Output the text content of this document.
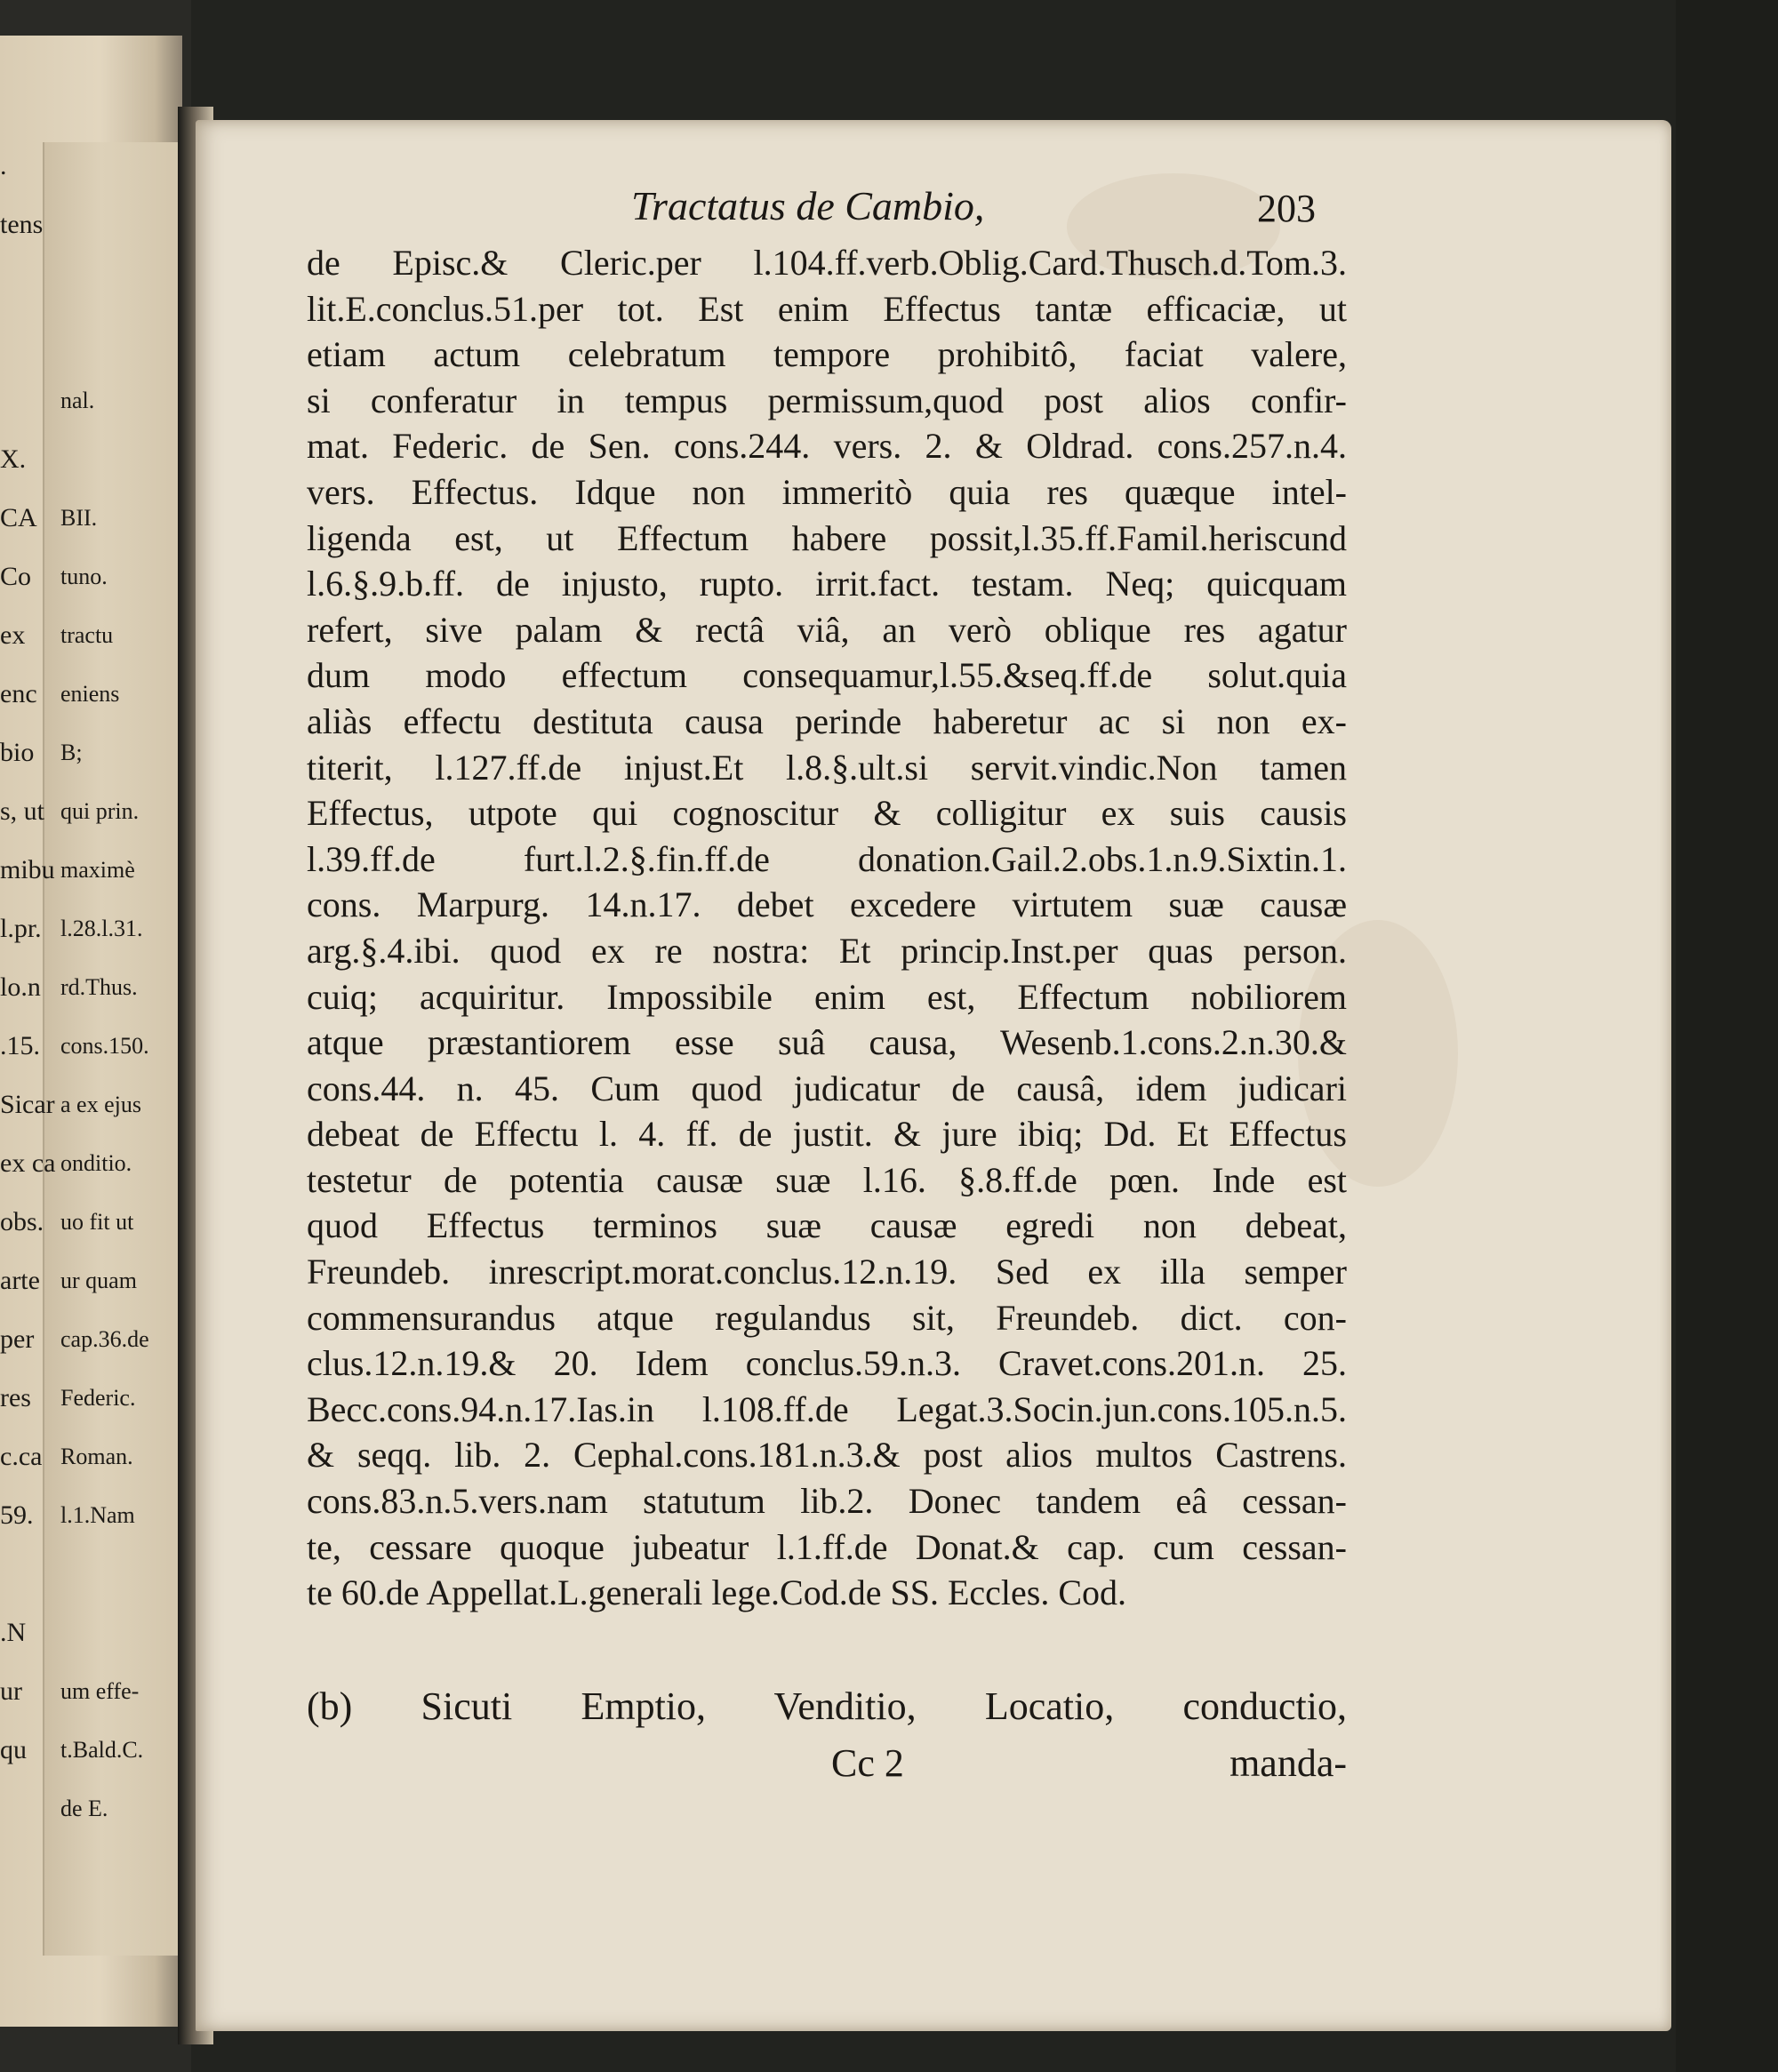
.
tens
nal.
X.
CA BII.
Co tuno.
ex tractu
enc eniens
bio B;
s, ut qui prin.
mibu maximè
l.pr. l.28.l.31.
lo.n rd.Thus.
.15. cons.150.
Sicar a ex ejus
ex ca onditio.
obs. uo fit ut
arte ur quam
per cap.36.de
res Federic.
c.ca Roman.
59. l.1.Nam
.N
ur um effe-
qu t.Bald.C.
de E.
Tractatus de Cambio,	203
de Episc.& Cleric.per l.104.ff.verb.Oblig.Card.Thusch.d.Tom.3.
lit.E.conclus.51.per tot. Est enim Effectus tantæ efficaciæ, ut
etiam actum celebratum tempore prohibitô, faciat valere,
si conferatur in tempus permissum,quod post alios confir-
mat. Federic. de Sen. cons.244. vers. 2. & Oldrad. cons.257.n.4.
vers. Effectus. Idque non immeritò quia res quæque intel-
ligenda est, ut Effectum habere possit,l.35.ff.Famil.heriscund
l.6.§.9.b.ff. de injusto, rupto. irrit.fact. testam. Neq; quicquam
refert, sive palam & rectâ viâ, an verò oblique res agatur
dum modo effectum consequamur,l.55.&seq.ff.de solut.quia
aliàs effectu destituta causa perinde haberetur ac si non ex-
titerit, l.127.ff.de injust.Et l.8.§.ult.si servit.vindic.Non tamen
Effectus, utpote qui cognoscitur & colligitur ex suis causis
l.39.ff.de furt.l.2.§.fin.ff.de donation.Gail.2.obs.1.n.9.Sixtin.1.
cons. Marpurg. 14.n.17. debet excedere virtutem suæ causæ
arg.§.4.ibi. quod ex re nostra: Et princip.Inst.per quas person.
cuiq; acquiritur. Impossibile enim est, Effectum nobiliorem
atque præstantiorem esse suâ causa, Wesenb.1.cons.2.n.30.&
cons.44. n. 45. Cum quod judicatur de causâ, idem judicari
debeat de Effectu l. 4. ff. de justit. & jure ibiq; Dd. Et Effectus
testetur de potentia causæ suæ l.16. §.8.ff.de pœn. Inde est
quod Effectus terminos suæ causæ egredi non debeat,
Freundeb. inrescript.morat.conclus.12.n.19. Sed ex illa semper
commensurandus atque regulandus sit, Freundeb. dict. con-
clus.12.n.19.& 20. Idem conclus.59.n.3. Cravet.cons.201.n. 25.
Becc.cons.94.n.17.Ias.in l.108.ff.de Legat.3.Socin.jun.cons.105.n.5.
& seqq. lib. 2. Cephal.cons.181.n.3.& post alios multos Castrens.
cons.83.n.5.vers.nam statutum lib.2. Donec tandem eâ cessan-
te, cessare quoque jubeatur l.1.ff.de Donat.& cap. cum cessan-
te 60.de Appellat.L.generali lege.Cod.de SS. Eccles. Cod.
(b) Sicuti Emptio, Venditio, Locatio, conductio,
Cc 2	manda-
